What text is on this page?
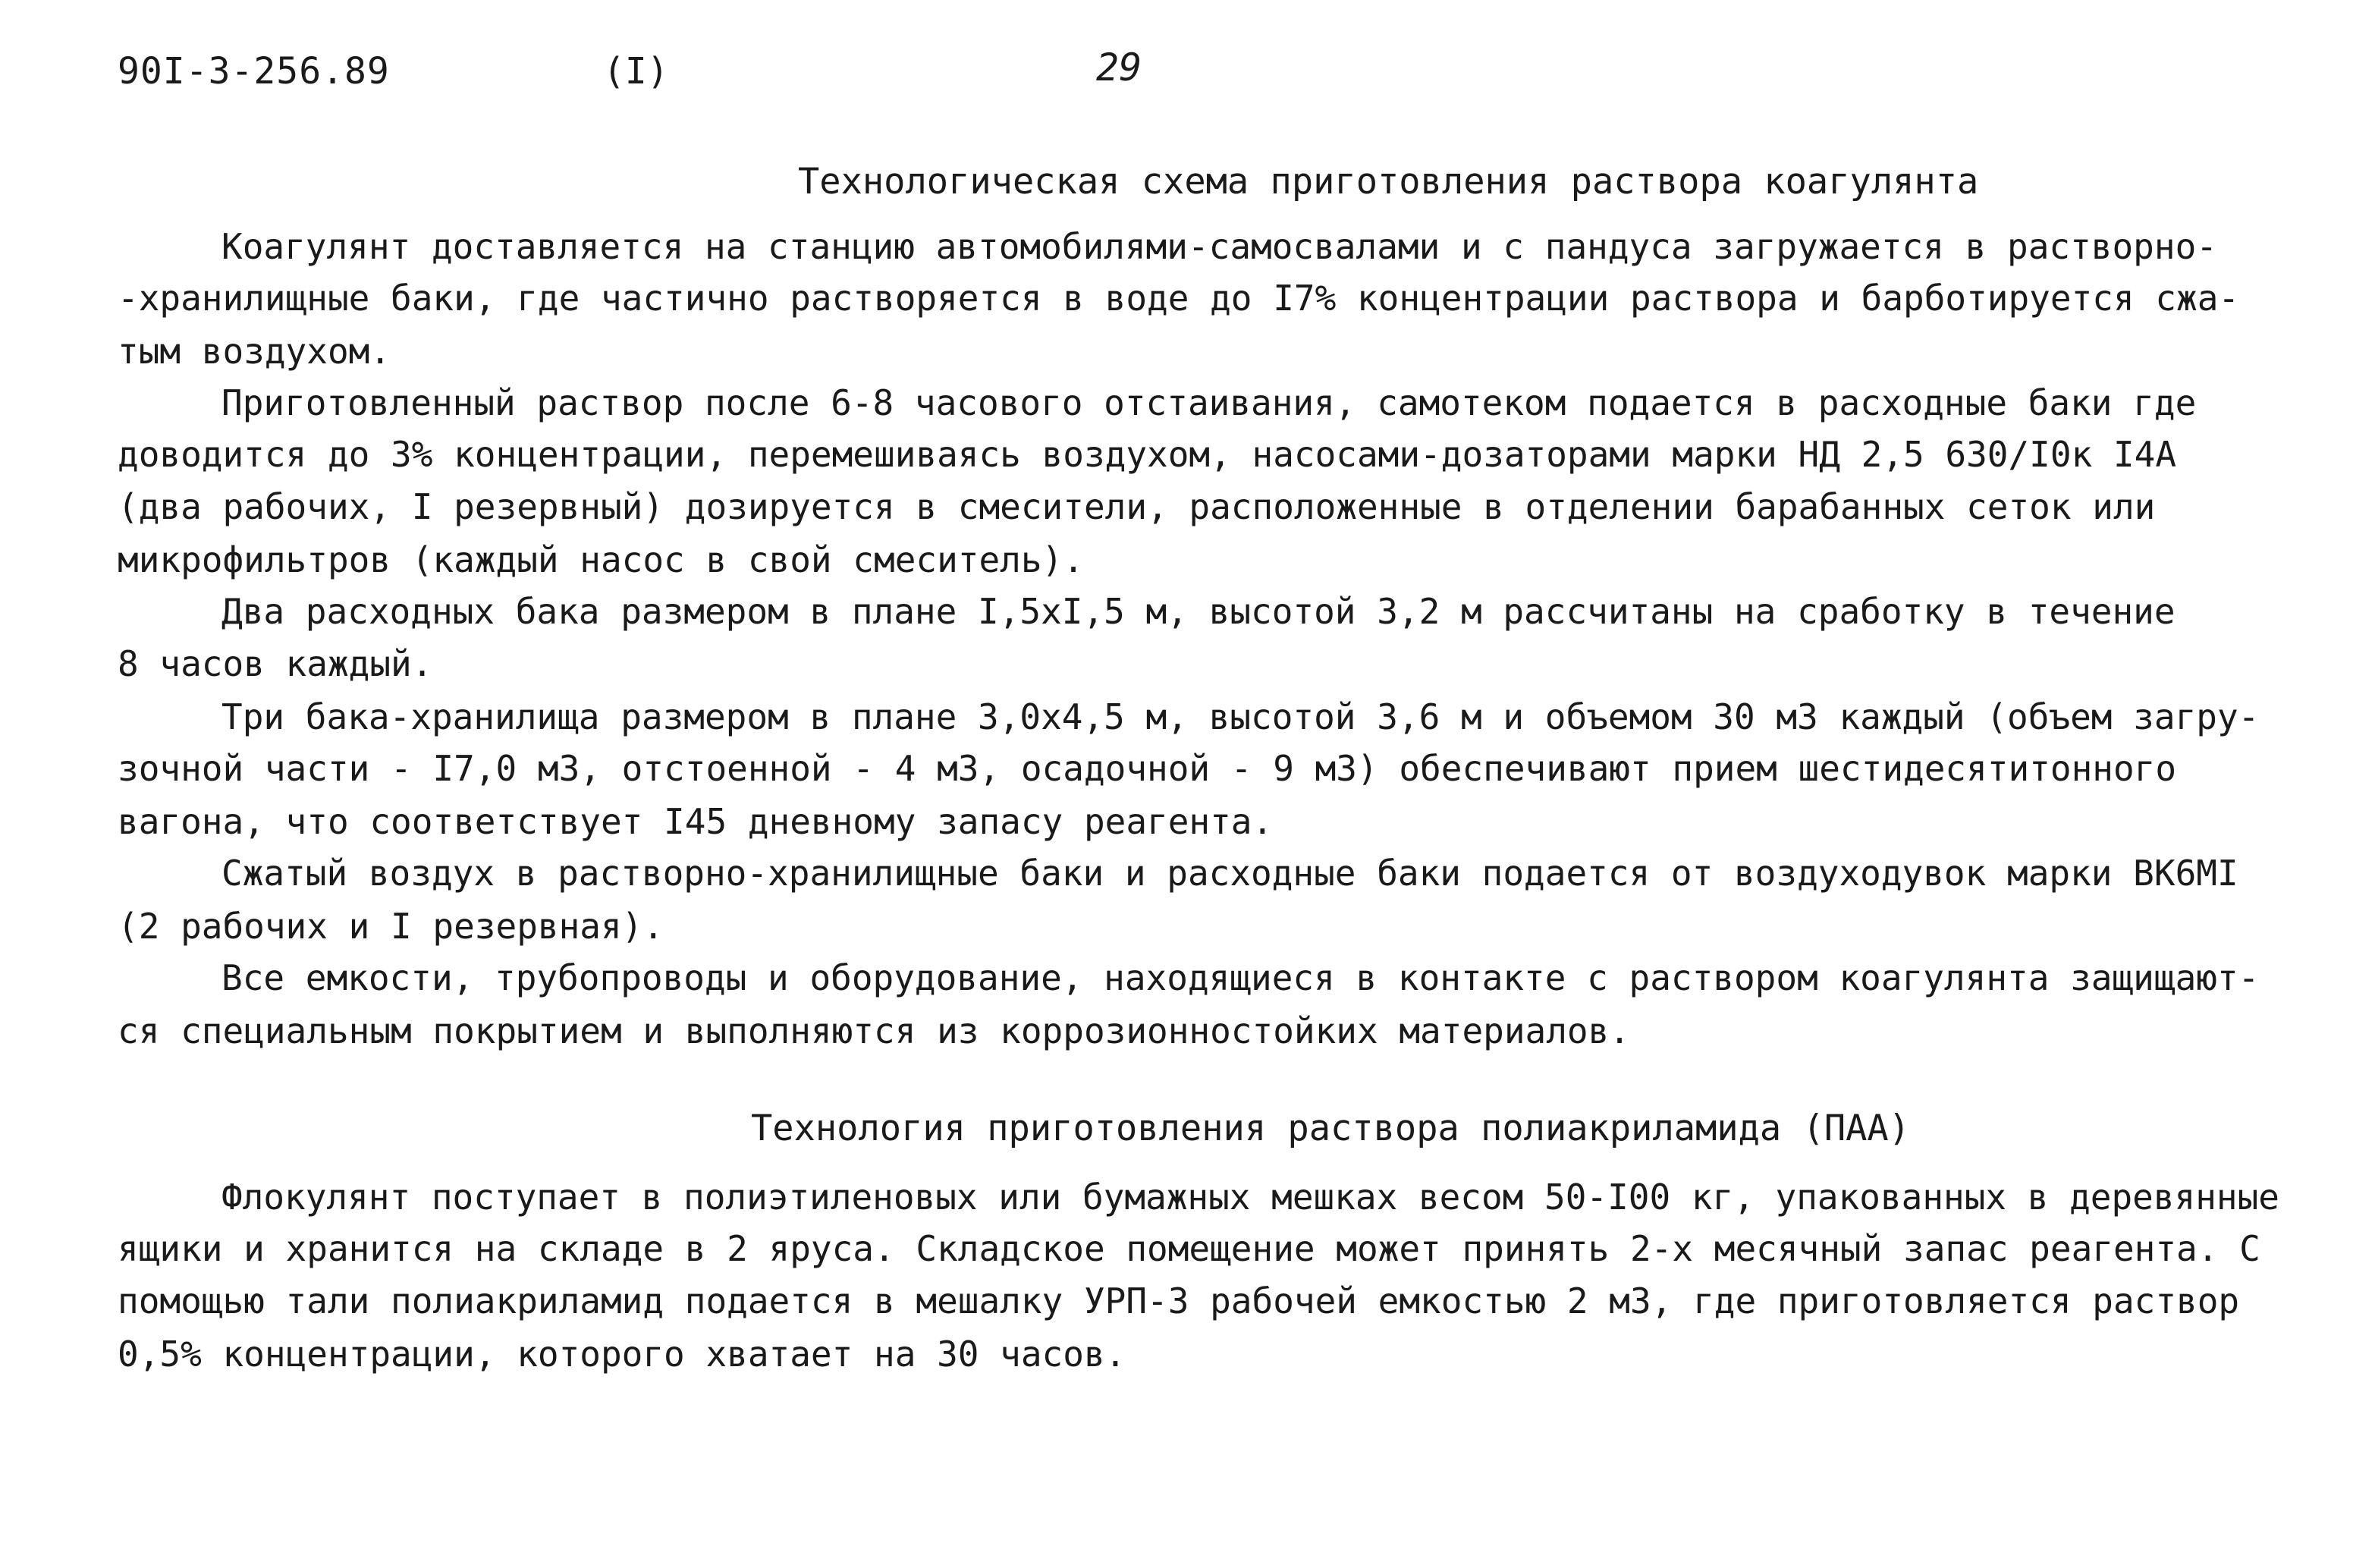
90I-3-256.89	(I)	29
Технологическая схема приготовления раствора коагулянта
Коагулянт доставляется на станцию автомобилями-самосвалами и с пандуса загружается в растворно-
-хранилищные баки, где частично растворяется в воде до I7% концентрации раствора и барботируется сжа-
тым воздухом.
Приготовленный раствор после 6-8 часового отстаивания, самотеком подается в расходные баки где
доводится до 3% концентрации, перемешиваясь воздухом, насосами-дозаторами марки НД 2,5 630/I0к I4А
(два рабочих, I резервный) дозируется в смесители, расположенные в отделении барабанных сеток или
микрофильтров (каждый насос в свой смеситель).
Два расходных бака размером в плане I,5хI,5 м, высотой 3,2 м рассчитаны на сработку в течение
8 часов каждый.
Три бака-хранилища размером в плане 3,0х4,5 м, высотой 3,6 м и объемом 30 м3 каждый (объем загру-
зочной части - I7,0 м3, отстоенной - 4 м3, осадочной - 9 м3) обеспечивают прием шестидесятитонного
вагона, что соответствует I45 дневному запасу реагента.
Сжатый воздух в растворно-хранилищные баки и расходные баки подается от воздуходувок марки ВК6МI
(2 рабочих и I резервная).
Все емкости, трубопроводы и оборудование, находящиеся в контакте с раствором коагулянта защищают-
ся специальным покрытием и выполняются из коррозионностойких материалов.
Технология приготовления раствора полиакриламида (ПАА)
Флокулянт поступает в полиэтиленовых или бумажных мешках весом 50-I00 кг, упакованных в деревянные
ящики и хранится на складе в 2 яруса. Складское помещение может принять 2-х месячный запас реагента. С
помощью тали полиакриламид подается в мешалку УРП-3 рабочей емкостью 2 м3, где приготовляется раствор
0,5% концентрации, которого хватает на 30 часов.
